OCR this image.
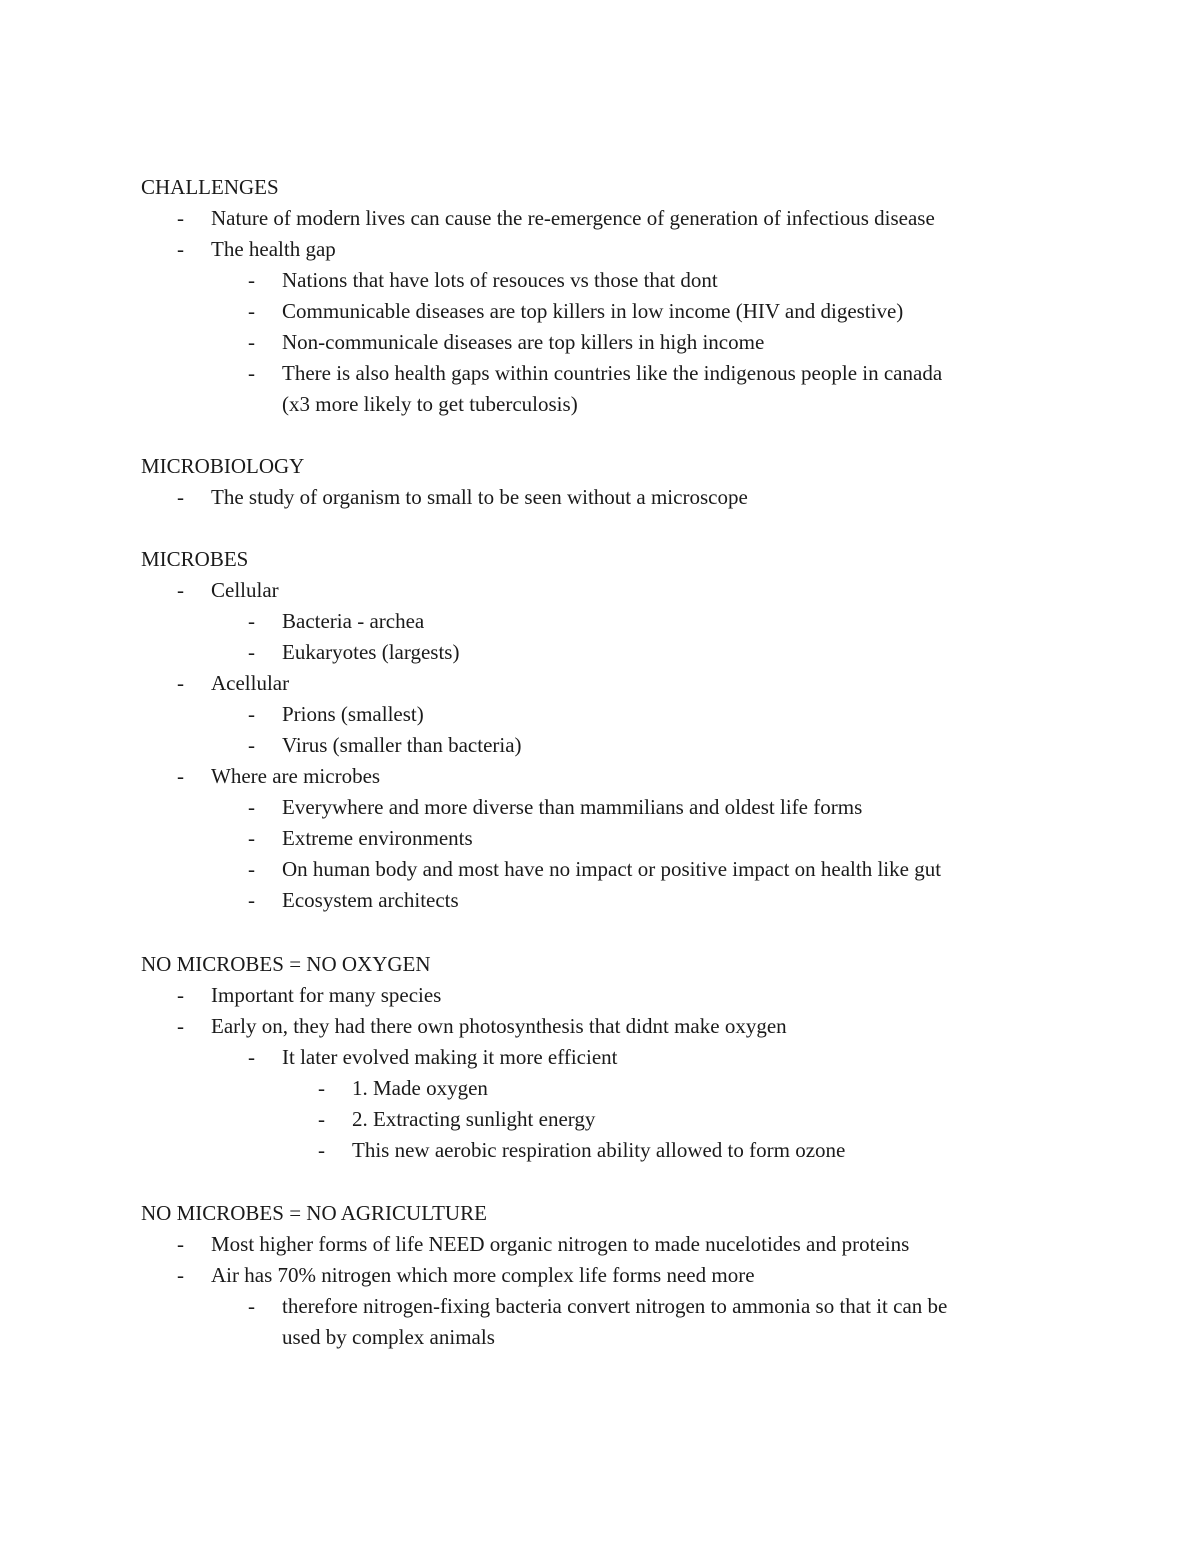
CHALLENGES
- Nature of modern lives can cause the re-emergence of generation of infectious disease
- The health gap
- Nations that have lots of resouces vs those that dont
- Communicable diseases are top killers in low income (HIV and digestive)
- Non-communicale diseases are top killers in high income
- There is also health gaps within countries like the indigenous people in canada
(x3 more likely to get tuberculosis)
MICROBIOLOGY
- The study of organism to small to be seen without a microscope
MICROBES
- Cellular
- Bacteria - archea
- Eukaryotes (largests)
- Acellular
- Prions (smallest)
- Virus (smaller than bacteria)
- Where are microbes
- Everywhere and more diverse than mammilians and oldest life forms
- Extreme environments
- On human body and most have no impact or positive impact on health like gut
- Ecosystem architects
NO MICROBES = NO OXYGEN
- Important for many species
- Early on, they had there own photosynthesis that didnt make oxygen
- It later evolved making it more efficient
- 1. Made oxygen
- 2. Extracting sunlight energy
- This new aerobic respiration ability allowed to form ozone
NO MICROBES = NO AGRICULTURE
- Most higher forms of life NEED organic nitrogen to made nucelotides and proteins
- Air has 70% nitrogen which more complex life forms need more
- therefore nitrogen-fixing bacteria convert nitrogen to ammonia so that it can be
used by complex animals
